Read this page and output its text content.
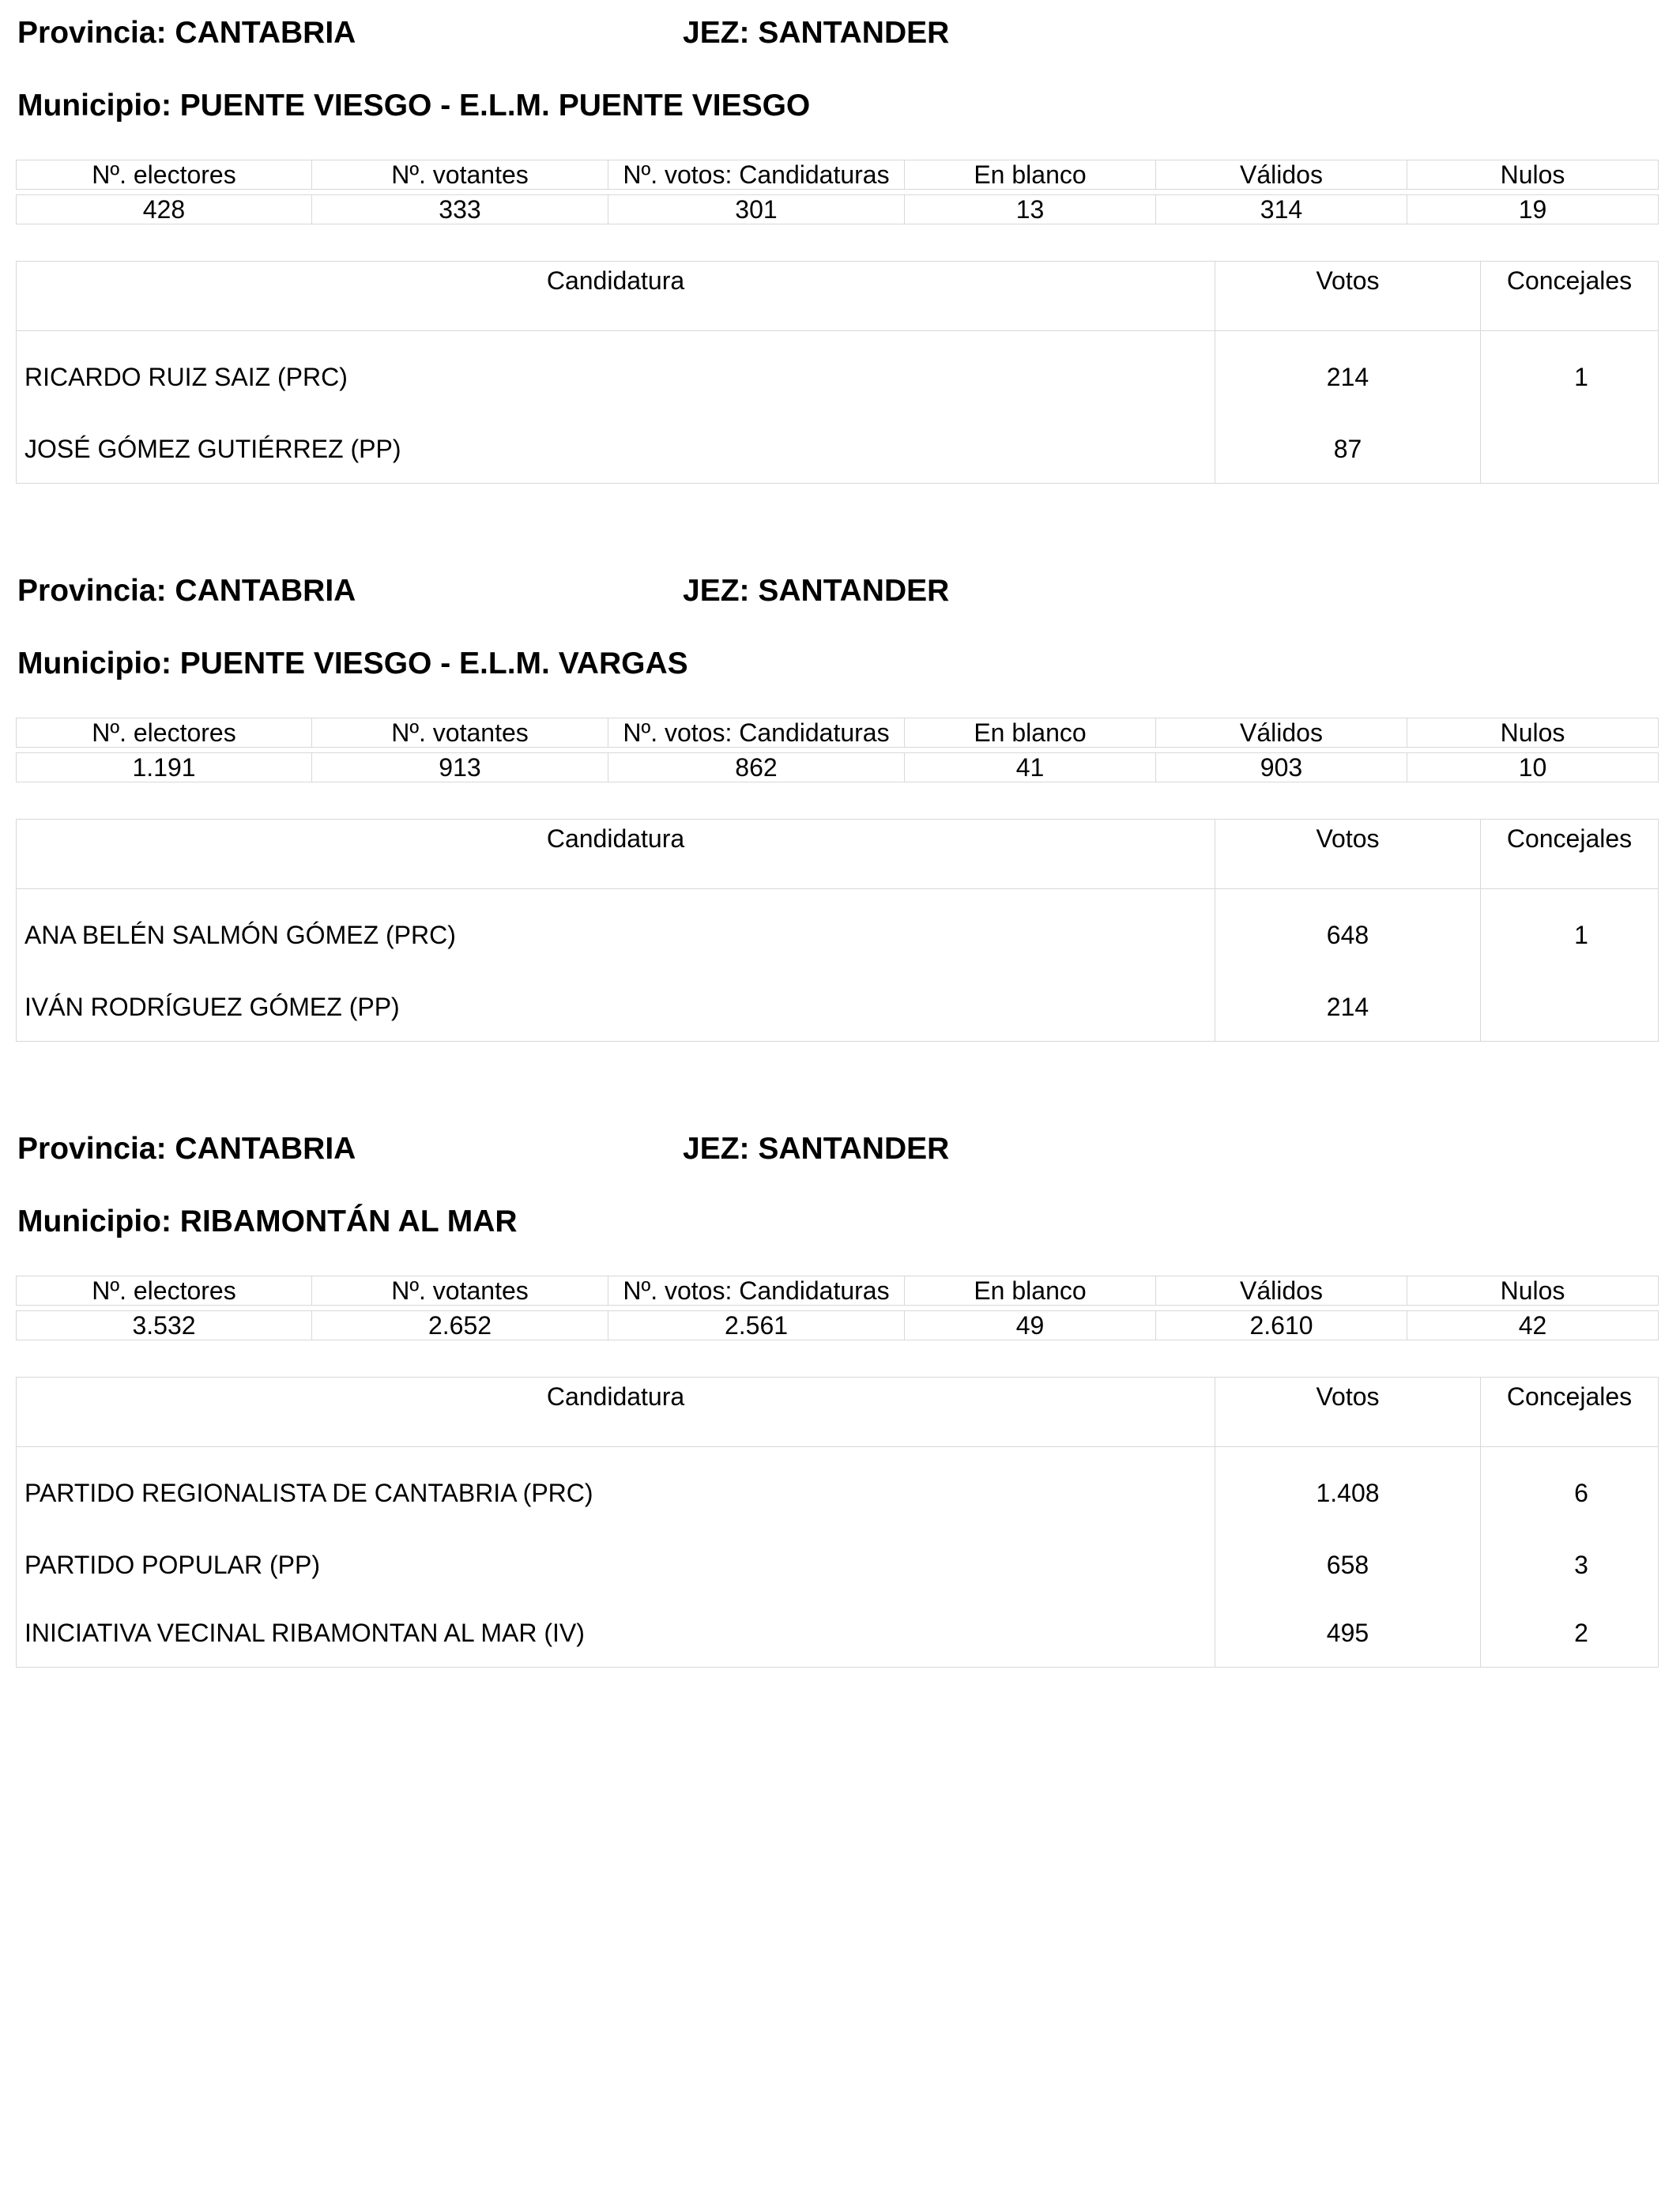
Provincia: CANTABRIA	JEZ: SANTANDER
Municipio: PUENTE VIESGO - E.L.M. PUENTE VIESGO
Nº. electores	Nº. votantes	Nº. votos: Candidaturas	En blanco	Válidos	Nulos

428	333	301	13	314	19
Candidatura	Votos	Concejales
RICARDO RUIZ SAIZ (PRC)	214	1
JOSÉ GÓMEZ GUTIÉRREZ (PP)	87	
Provincia: CANTABRIA	JEZ: SANTANDER
Municipio: PUENTE VIESGO - E.L.M. VARGAS
Nº. electores	Nº. votantes	Nº. votos: Candidaturas	En blanco	Válidos	Nulos

1.191	913	862	41	903	10
Candidatura	Votos	Concejales
ANA BELÉN SALMÓN GÓMEZ (PRC)	648	1
IVÁN RODRÍGUEZ GÓMEZ (PP)	214	
Provincia: CANTABRIA	JEZ: SANTANDER
Municipio: RIBAMONTÁN AL MAR
Nº. electores	Nº. votantes	Nº. votos: Candidaturas	En blanco	Válidos	Nulos

3.532	2.652	2.561	49	2.610	42
Candidatura	Votos	Concejales
PARTIDO REGIONALISTA DE CANTABRIA (PRC)	1.408	6
PARTIDO POPULAR (PP)	658	3
INICIATIVA VECINAL RIBAMONTAN AL MAR (IV)	495	2
